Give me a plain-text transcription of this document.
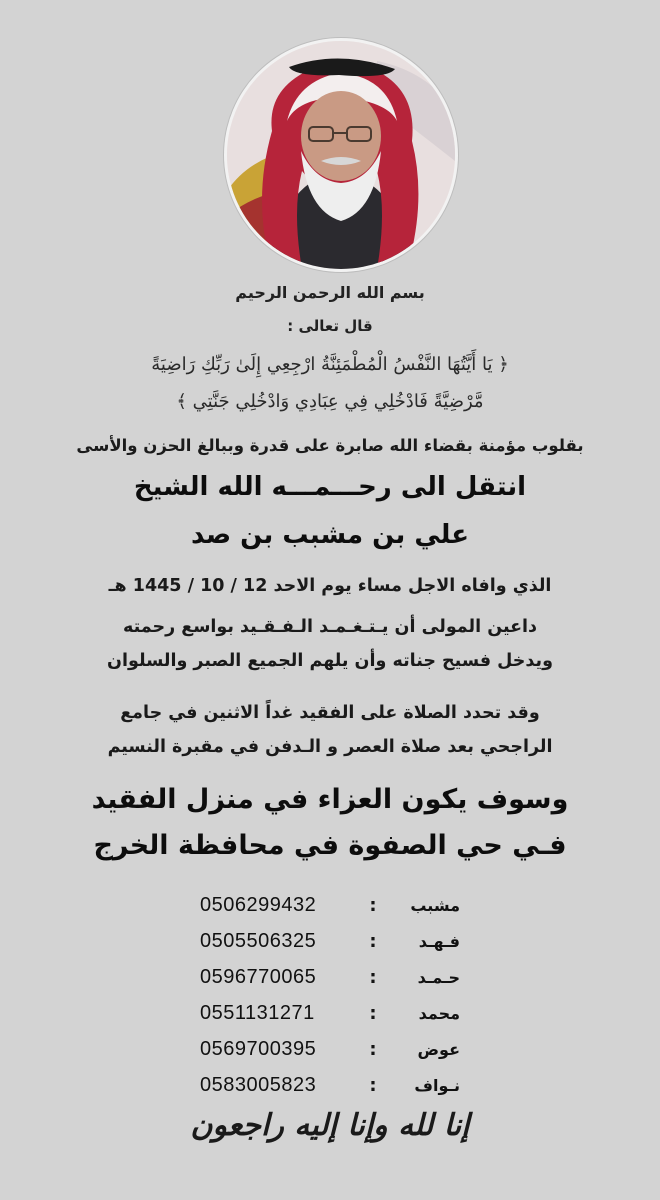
بسم الله الرحمن الرحيم
قال تعالى :
﴿ يَا أَيَّتُهَا النَّفْسُ الْمُطْمَئِنَّةُ ارْجِعِي إِلَىٰ رَبِّكِ رَاضِيَةً
مَّرْضِيَّةً فَادْخُلِي فِي عِبَادِي وَادْخُلِي جَنَّتِي ﴾
بقلوب مؤمنة بقضاء الله صابرة على قدرة وببالغ الحزن والأسى
انتقل الى رحـــمـــه الله الشيخ
علي بن مشبب بن صد
الذي وافاه الاجل مساء يوم الاحد 12 / 10 / 1445 هـ
داعين المولى أن يـتـغـمـد الـفـقـيد بواسع رحمته
ويدخل فسيح جناته وأن يلهم الجميع الصبر والسلوان
وقد تحدد الصلاة على الفقيد غداً الاثنين في جامع
الراجحي بعد صلاة العصر و الـدفن في مقبرة النسيم
وسوف يكون العزاء في منزل الفقيد
فـي حي الصفوة في محافظة الخرج
0506299432	:	مشبب
0505506325	:	فـهـد
0596770065	:	حـمـد
0551131271	:	محمد
0569700395	:	عوض
0583005823	:	نـواف
إنا لله وإنا إليه راجعون
